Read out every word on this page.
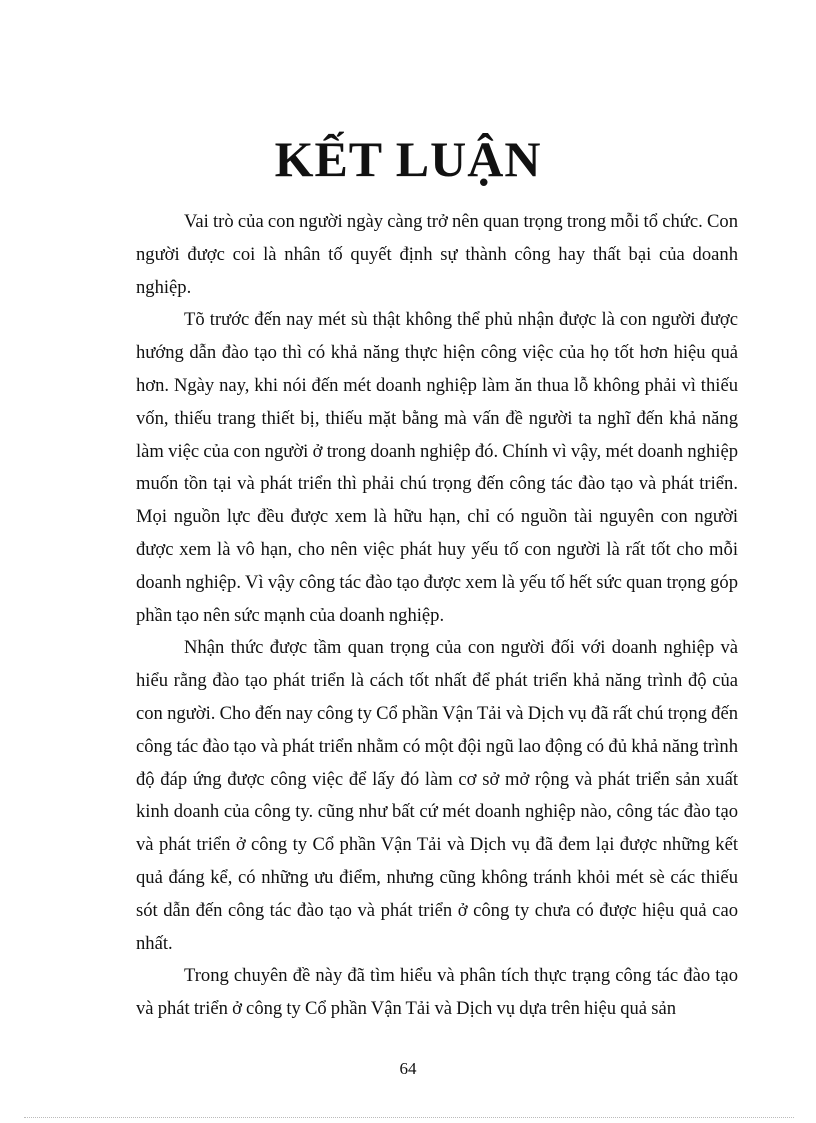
KẾT LUẬN

Vai trò của con người ngày càng trở nên quan trọng trong mỗi tổ chức. Con người được coi là nhân tố quyết định sự thành công hay thất bại của doanh nghiệp.

Tõ trước đến nay mét sù thật không thể phủ nhận được là con người được hướng dẫn đào tạo thì có khả năng thực hiện công việc của họ tốt hơn hiệu quả hơn. Ngày nay, khi nói đến mét doanh nghiệp làm ăn thua lỗ không phải vì thiếu vốn, thiếu trang thiết bị, thiếu mặt bằng mà vấn đề người ta nghĩ đến khả năng làm việc của con người ở trong doanh nghiệp đó. Chính vì vậy, mét doanh nghiệp muốn tồn tại và phát triển thì phải chú trọng đến công tác đào tạo và phát triển. Mọi nguồn lực đều được xem là hữu hạn, chỉ có nguồn tài nguyên con người được xem là vô hạn, cho nên việc phát huy yếu tố con người là rất tốt cho mỗi doanh nghiệp. Vì vậy công tác đào tạo được xem là yếu tố hết sức quan trọng góp phần tạo nên sức mạnh của doanh nghiệp.

Nhận thức được tầm quan trọng của con người đối với doanh nghiệp và hiểu rằng đào tạo phát triển là cách tốt nhất để phát triển khả năng trình độ của con người. Cho đến nay công ty Cổ phần Vận Tải và Dịch vụ đã rất chú trọng đến công tác đào tạo và phát triển nhằm có một đội ngũ lao động có đủ khả năng trình độ đáp ứng được công việc để lấy đó làm cơ sở mở rộng và phát triển sản xuất kinh doanh của công ty. cũng như bất cứ mét doanh nghiệp nào, công tác đào tạo và phát triển ở công ty Cổ phần Vận Tải và Dịch vụ đã đem lại được những kết quả đáng kể, có những ưu điểm, nhưng cũng không tránh khỏi mét sè các thiếu sót dẫn đến công tác đào tạo và phát triển ở công ty chưa có được hiệu quả cao nhất.

Trong chuyên đề này đã tìm hiểu và phân tích thực trạng công tác đào tạo và phát triển ở công ty Cổ phần Vận Tải và Dịch vụ dựa trên hiệu quả sản

64
